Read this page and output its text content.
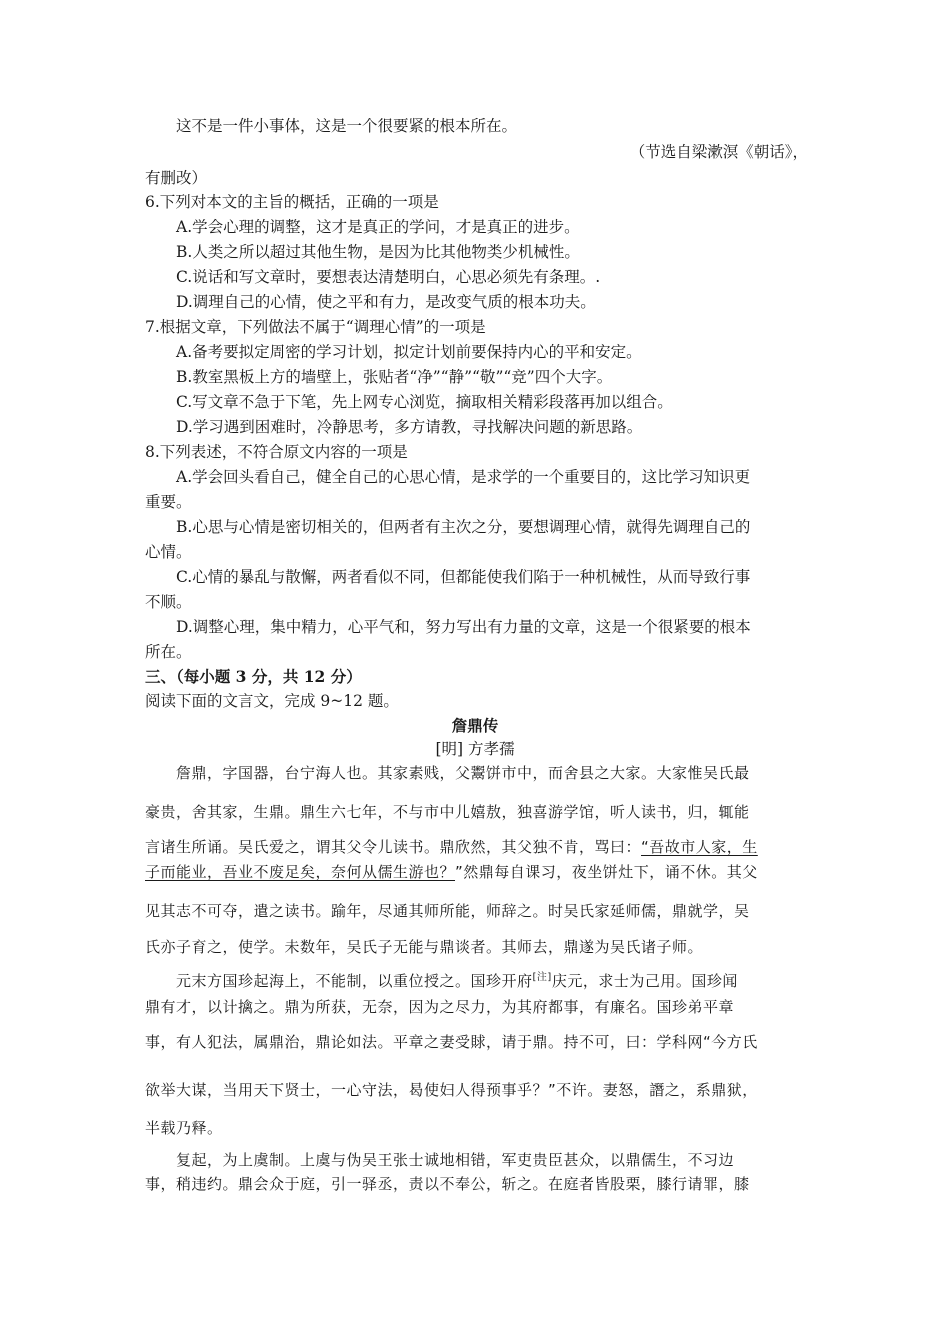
这不是一件小事体，这是一个很要紧的根本所在。
（节选自梁漱溟《朝话》，
有删改）
6.下列对本文的主旨的概括，正确的一项是
A.学会心理的调整，这才是真正的学问，才是真正的进步。
B.人类之所以超过其他生物，是因为比其他物类少机械性。
C.说话和写文章时，要想表达清楚明白，心思必须先有条理。.
D.调理自己的心情，使之平和有力，是改变气质的根本功夫。
7.根据文章，下列做法不属于“调理心情”的一项是
A.备考要拟定周密的学习计划，拟定计划前要保持内心的平和安定。
B.教室黑板上方的墙壁上，张贴者“净”“静”“敬”“竞”四个大字。
C.写文章不急于下笔，先上网专心浏览，摘取相关精彩段落再加以组合。
D.学习遇到困难时，冷静思考，多方请教，寻找解决问题的新思路。
8.下列表述，不符合原文内容的一项是
A.学会回头看自己，健全自己的心思心情，是求学的一个重要目的，这比学习知识更
重要。
B.心思与心情是密切相关的，但两者有主次之分，要想调理心情，就得先调理自己的
心情。
C.心情的暴乱与散懈，两者看似不同，但都能使我们陷于一种机械性，从而导致行事
不顺。
D.调整心理，集中精力，心平气和，努力写出有力量的文章，这是一个很紧要的根本
所在。
三、（每小题 3 分，共 12 分）
阅读下面的文言文，完成 9~12 题。
詹鼎传
[明] 方孝孺
詹鼎，字国器，台宁海人也。其家素贱，父鬻饼市中，而舍县之大家。大家惟吴氏最
豪贵，舍其家，生鼎。鼎生六七年，不与市中儿嬉敖，独喜游学馆，听人读书，归，辄能
言诸生所诵。吴氏爱之，谓其父令儿读书。鼎欣然，其父独不肯，骂曰：“吾故市人家，生
子而能业，吾业不废足矣，奈何从儒生游也？”然鼎每自课习，夜坐饼灶下，诵不休。其父
见其志不可夺，遣之读书。踰年，尽通其师所能，师辞之。时吴氏家延师儒，鼎就学，吴
氏亦子育之，使学。未数年，吴氏子无能与鼎谈者。其师去，鼎遂为吴氏诸子师。
元末方国珍起海上，不能制，以重位授之。国珍开府[注]庆元，求士为己用。国珍闻
鼎有才，以计擒之。鼎为所获，无奈，因为之尽力，为其府都事，有廉名。国珍弟平章
事，有人犯法，属鼎治，鼎论如法。平章之妻受賕，请于鼎。持不可，曰：学科网“今方氏
欲举大谋，当用天下贤士，一心守法，曷使妇人得预事乎？”不许。妻怒，譖之，系鼎狱，
半载乃释。
复起，为上虞制。上虞与伪吴王张士诚地相错，军吏贵臣甚众，以鼎儒生，不习边
事，稍违约。鼎会众于庭，引一驿丞，责以不奉公，斩之。在庭者皆股栗，膝行请罪，膝
